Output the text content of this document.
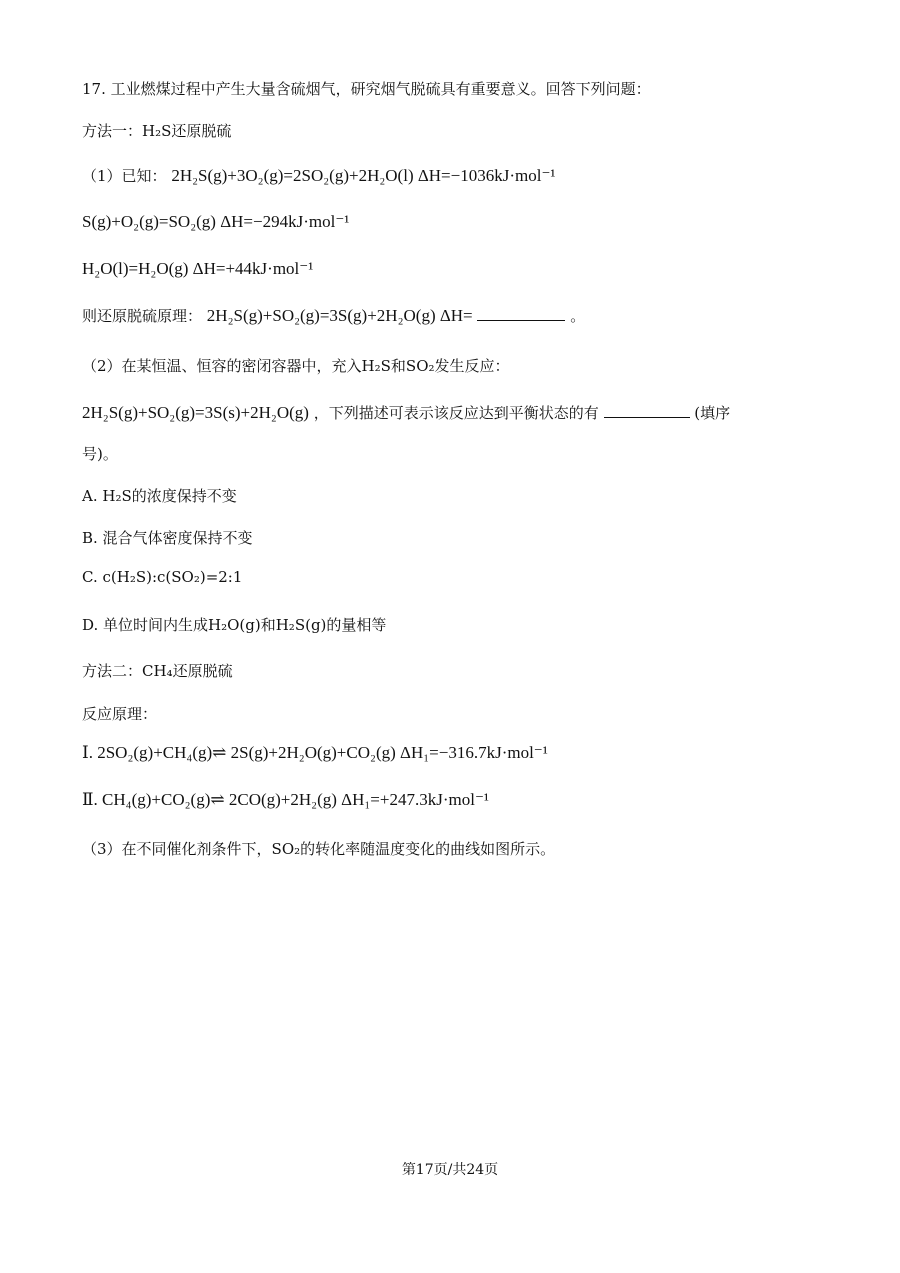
17. 工业燃煤过程中产生大量含硫烟气，研究烟气脱硫具有重要意义。回答下列问题：
方法一：H₂S还原脱硫
（1）已知： 2H₂S(g)+3O₂(g)=2SO₂(g)+2H₂O(l) ΔH=−1036kJ·mol⁻¹
S(g)+O₂(g)=SO₂(g) ΔH=−294kJ·mol⁻¹
H₂O(l)=H₂O(g) ΔH=+44kJ·mol⁻¹
则还原脱硫原理： 2H₂S(g)+SO₂(g)=3S(g)+2H₂O(g) ΔH=	。
（2）在某恒温、恒容的密闭容器中，充入H₂S和SO₂发生反应：
2H₂S(g)+SO₂(g)=3S(s)+2H₂O(g) ，下列描述可表示该反应达到平衡状态的有	(填序
号)。
A. H₂S的浓度保持不变
B. 混合气体密度保持不变
C. c(H₂S):c(SO₂)=2:1
D. 单位时间内生成H₂O(g)和H₂S(g)的量相等
方法二：CH₄还原脱硫
反应原理：
Ⅰ. 2SO₂(g)+CH₄(g)⇌ 2S(g)+2H₂O(g)+CO₂(g) ΔH₁=−316.7kJ·mol⁻¹
Ⅱ. CH₄(g)+CO₂(g)⇌ 2CO(g)+2H₂(g) ΔH₁=+247.3kJ·mol⁻¹
（3）在不同催化剂条件下，SO₂的转化率随温度变化的曲线如图所示。
第17页/共24页
